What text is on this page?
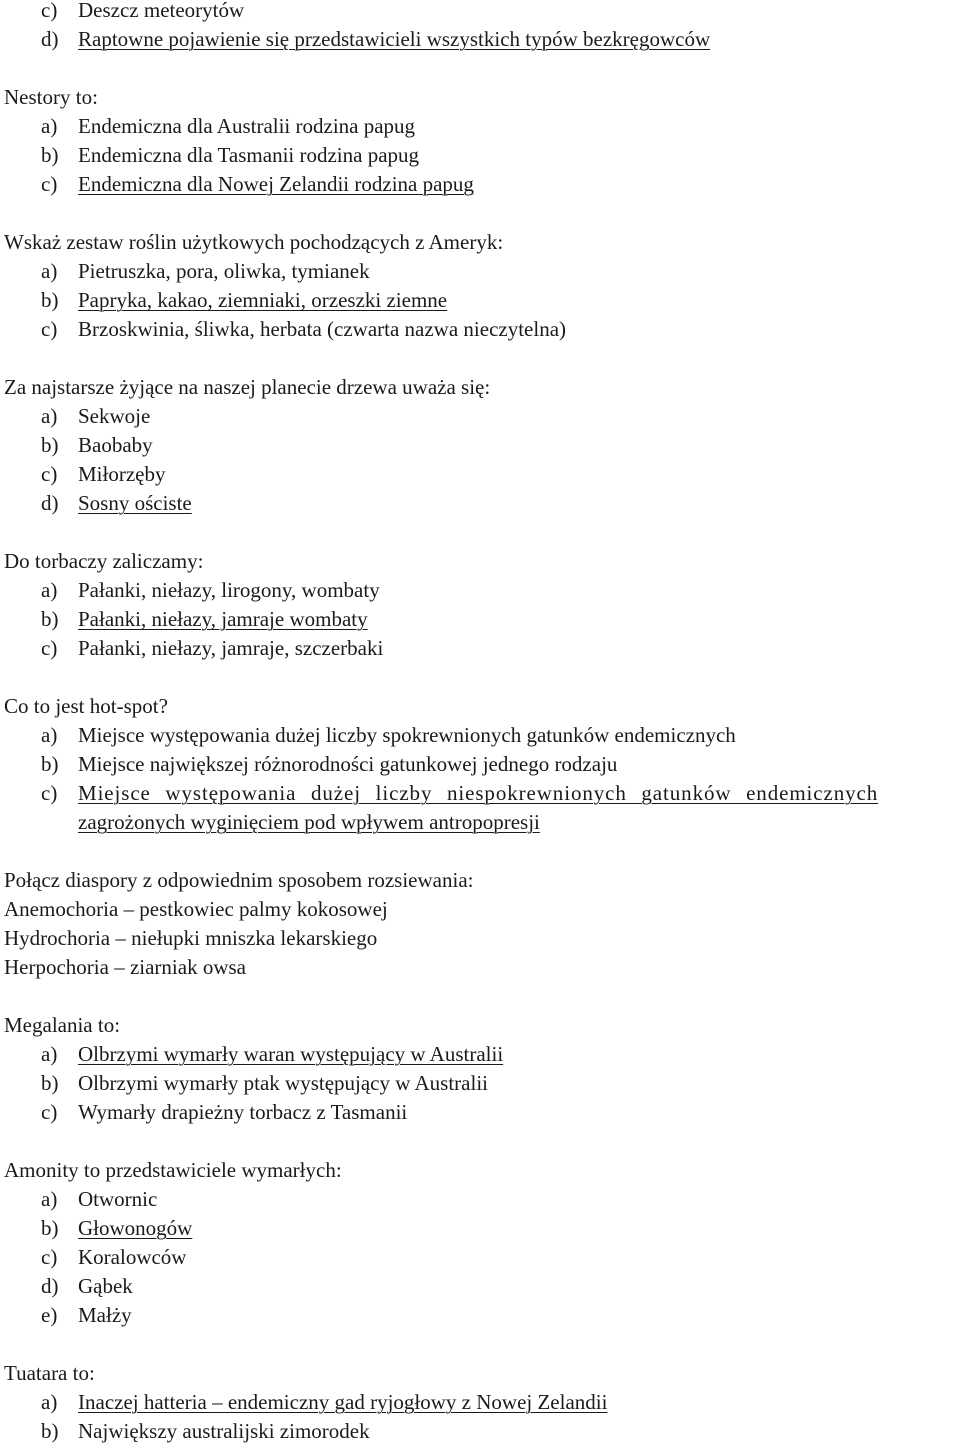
c) Deszcz meteorytów
d) Raptowne pojawienie się przedstawicieli wszystkich typów bezkręgowców
Nestory to:
a) Endemiczna dla Australii rodzina papug
b) Endemiczna dla Tasmanii rodzina papug
c) Endemiczna dla Nowej Zelandii rodzina papug
Wskaż zestaw roślin użytkowych pochodzących z Ameryk:
a) Pietruszka, pora, oliwka, tymianek
b) Papryka, kakao, ziemniaki, orzeszki ziemne
c) Brzoskwinia, śliwka, herbata (czwarta nazwa nieczytelna)
Za najstarsze żyjące na naszej planecie drzewa uważa się:
a) Sekwoje
b) Baobaby
c) Miłorzęby
d) Sosny ościste
Do torbaczy zaliczamy:
a) Pałanki, niełazy, lirogony, wombaty
b) Pałanki, niełazy, jamraje wombaty
c) Pałanki, niełazy, jamraje, szczerbaki
Co to jest hot-spot?
a) Miejsce występowania dużej liczby spokrewnionych gatunków endemicznych
b) Miejsce największej różnorodności gatunkowej jednego rodzaju
c) Miejsce występowania dużej liczby niespokrewnionych gatunków endemicznych
zagrożonych wyginięciem pod wpływem antropopresji
Połącz diaspory z odpowiednim sposobem rozsiewania:
Anemochoria – pestkowiec palmy kokosowej
Hydrochoria – niełupki mniszka lekarskiego
Herpochoria – ziarniak owsa
Megalania to:
a) Olbrzymi wymarły waran występujący w Australii
b) Olbrzymi wymarły ptak występujący w Australii
c) Wymarły drapieżny torbacz z Tasmanii
Amonity to przedstawiciele wymarłych:
a) Otwornic
b) Głowonogów
c) Koralowców
d) Gąbek
e) Małży
Tuatara to:
a) Inaczej hatteria – endemiczny gad ryjogłowy z Nowej Zelandii
b) Największy australijski zimorodek
